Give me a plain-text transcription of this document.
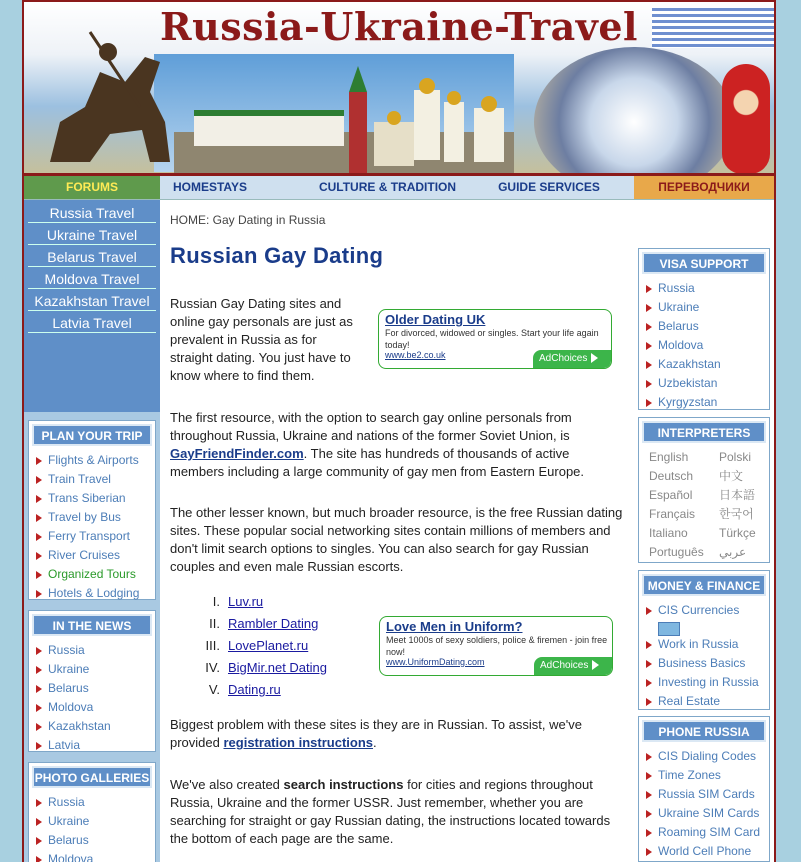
Russia-Ukraine-Travel
FORUMS	HOMESTAYS	CULTURE & TRADITION	GUIDE SERVICES	ПЕРЕВОДЧИКИ
Russia Travel
Ukraine Travel
Belarus Travel
Moldova Travel
Kazakhstan Travel
Latvia Travel
PLAN YOUR TRIP
Flights & Airports
Train Travel
Trans Siberian
Travel by Bus
Ferry Transport
River Cruises
Organized Tours
Hotels & Lodging
IN THE NEWS
Russia
Ukraine
Belarus
Moldova
Kazakhstan
Latvia
PHOTO GALLERIES
Russia
Ukraine
Belarus
Moldova
HOME: Gay Dating in Russia
Russian Gay Dating
Russian Gay Dating sites and online gay personals are just as prevalent in Russia as for straight dating. You just have to know where to find them.
Older Dating UK
For divorced, widowed or singles. Start your life again today!
www.be2.co.uk	AdChoices
The first resource, with the option to search gay online personals from throughout Russia, Ukraine and nations of the former Soviet Union, is GayFriendFinder.com. The site has hundreds of thousands of active members including a large community of gay men from Eastern Europe.
The other lesser known, but much broader resource, is the free Russian dating sites. These popular social networking sites contain millions of members and don't limit search options to singles. You can also search for gay Russian couples and even male Russian escorts.
I. Luv.ru
II. Rambler Dating
III. LovePlanet.ru
IV. BigMir.net Dating
V. Dating.ru
Love Men in Uniform?
Meet 1000s of sexy soldiers, police & firemen - join free now!
www.UniformDating.com	AdChoices
Biggest problem with these sites is they are in Russian. To assist, we've provided registration instructions.
We've also created search instructions for cities and regions throughout Russia, Ukraine and the former USSR. Just remember, whether you are searching for straight or gay Russian dating, the instructions located towards the bottom of each page are the same.
VISA SUPPORT
Russia
Ukraine
Belarus
Moldova
Kazakhstan
Uzbekistan
Kyrgyzstan
INTERPRETERS
English	Polski
Deutsch	中文
Español	日本語
Français	한국어
Italiano	Türkçe
Português	عربي
MONEY & FINANCE
CIS Currencies

Work in Russia
Business Basics
Investing in Russia
Real Estate
PHONE RUSSIA
CIS Dialing Codes
Time Zones
Russia SIM Cards
Ukraine SIM Cards
Roaming SIM Card
World Cell Phone
